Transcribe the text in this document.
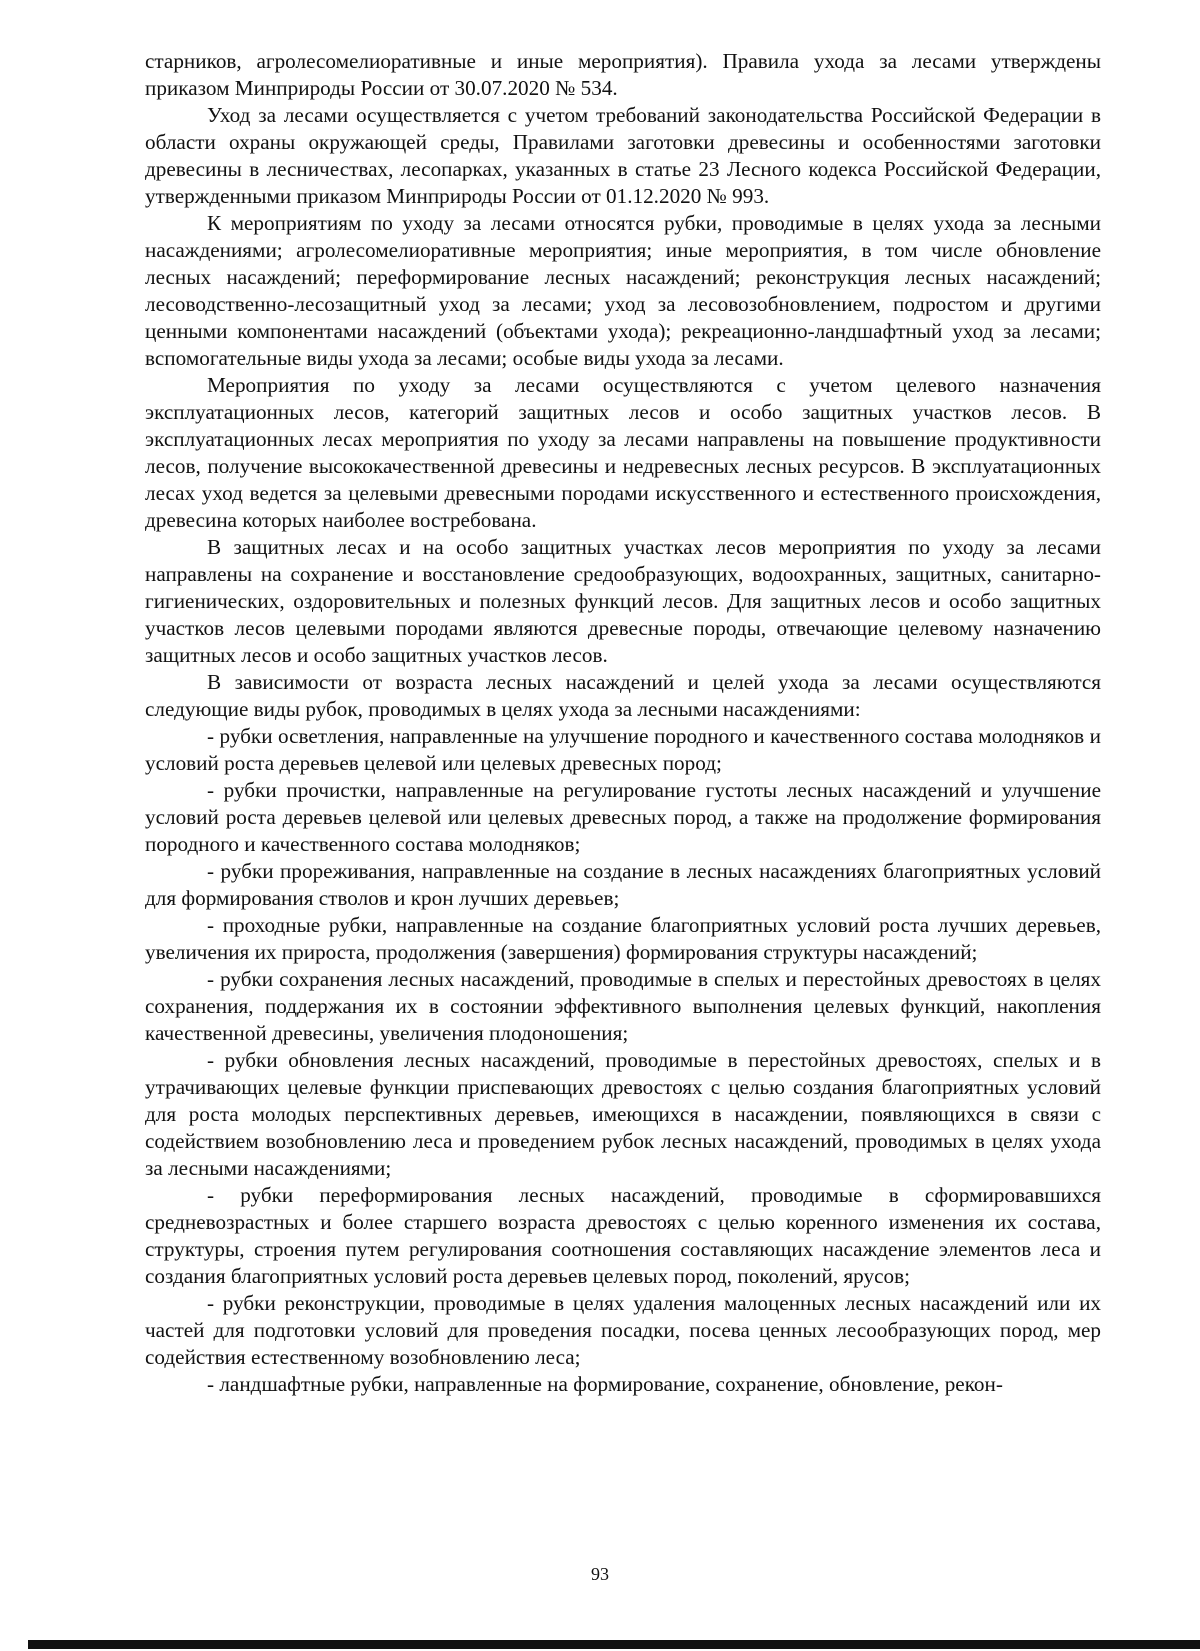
старников, агролесомелиоративные и иные мероприятия). Правила ухода за лесами утверждены приказом Минприроды России от 30.07.2020 № 534.

Уход за лесами осуществляется с учетом требований законодательства Российской Федерации в области охраны окружающей среды, Правилами заготовки древесины и особенностями заготовки древесины в лесничествах, лесопарках, указанных в статье 23 Лесного кодекса Российской Федерации, утвержденными приказом Минприроды России от 01.12.2020 № 993.

К мероприятиям по уходу за лесами относятся рубки, проводимые в целях ухода за лесными насаждениями; агролесомелиоративные мероприятия; иные мероприятия, в том числе обновление лесных насаждений; переформирование лесных насаждений; реконструкция лесных насаждений; лесоводственно-лесозащитный уход за лесами; уход за лесовозобновлением, подростом и другими ценными компонентами насаждений (объектами ухода); рекреационно-ландшафтный уход за лесами; вспомогательные виды ухода за лесами; особые виды ухода за лесами.

Мероприятия по уходу за лесами осуществляются с учетом целевого назначения эксплуатационных лесов, категорий защитных лесов и особо защитных участков лесов. В эксплуатационных лесах мероприятия по уходу за лесами направлены на повышение продуктивности лесов, получение высококачественной древесины и недревесных лесных ресурсов. В эксплуатационных лесах уход ведется за целевыми древесными породами искусственного и естественного происхождения, древесина которых наиболее востребована.

В защитных лесах и на особо защитных участках лесов мероприятия по уходу за лесами направлены на сохранение и восстановление средообразующих, водоохранных, защитных, санитарно-гигиенических, оздоровительных и полезных функций лесов. Для защитных лесов и особо защитных участков лесов целевыми породами являются древесные породы, отвечающие целевому назначению защитных лесов и особо защитных участков лесов.

В зависимости от возраста лесных насаждений и целей ухода за лесами осуществляются следующие виды рубок, проводимых в целях ухода за лесными насаждениями:

- рубки осветления, направленные на улучшение породного и качественного состава молодняков и условий роста деревьев целевой или целевых древесных пород;

- рубки прочистки, направленные на регулирование густоты лесных насаждений и улучшение условий роста деревьев целевой или целевых древесных пород, а также на продолжение формирования породного и качественного состава молодняков;

- рубки прореживания, направленные на создание в лесных насаждениях благоприятных условий для формирования стволов и крон лучших деревьев;

- проходные рубки, направленные на создание благоприятных условий роста лучших деревьев, увеличения их прироста, продолжения (завершения) формирования структуры насаждений;

- рубки сохранения лесных насаждений, проводимые в спелых и перестойных древостоях в целях сохранения, поддержания их в состоянии эффективного выполнения целевых функций, накопления качественной древесины, увеличения плодоношения;

- рубки обновления лесных насаждений, проводимые в перестойных древостоях, спелых и в утрачивающих целевые функции приспевающих древостоях с целью создания благоприятных условий для роста молодых перспективных деревьев, имеющихся в насаждении, появляющихся в связи с содействием возобновлению леса и проведением рубок лесных насаждений, проводимых в целях ухода за лесными насаждениями;

- рубки переформирования лесных насаждений, проводимые в сформировавшихся средневозрастных и более старшего возраста древостоях с целью коренного изменения их состава, структуры, строения путем регулирования соотношения составляющих насаждение элементов леса и создания благоприятных условий роста деревьев целевых пород, поколений, ярусов;

- рубки реконструкции, проводимые в целях удаления малоценных лесных насаждений или их частей для подготовки условий для проведения посадки, посева ценных лесообразующих пород, мер содействия естественному возобновлению леса;

- ландшафтные рубки, направленные на формирование, сохранение, обновление, рекон-

93
